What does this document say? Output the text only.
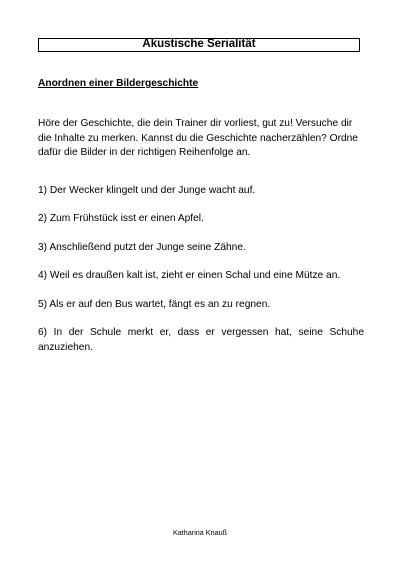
Akustische Serialität
Anordnen einer Bildergeschichte

Höre der Geschichte, die dein Trainer dir vorliest, gut zu! Versuche dir die Inhalte zu merken. Kannst du die Geschichte nacherzählen? Ordne dafür die Bilder in der richtigen Reihenfolge an.

1) Der Wecker klingelt und der Junge wacht auf.

2) Zum Frühstück isst er einen Apfel.

3) Anschließend putzt der Junge seine Zähne.

4) Weil es draußen kalt ist, zieht er einen Schal und eine Mütze an.

5) Als er auf den Bus wartet, fängt es an zu regnen.

6) In der Schule merkt er, dass er vergessen hat, seine Schuhe anzuziehen.

Katharina Knauß
